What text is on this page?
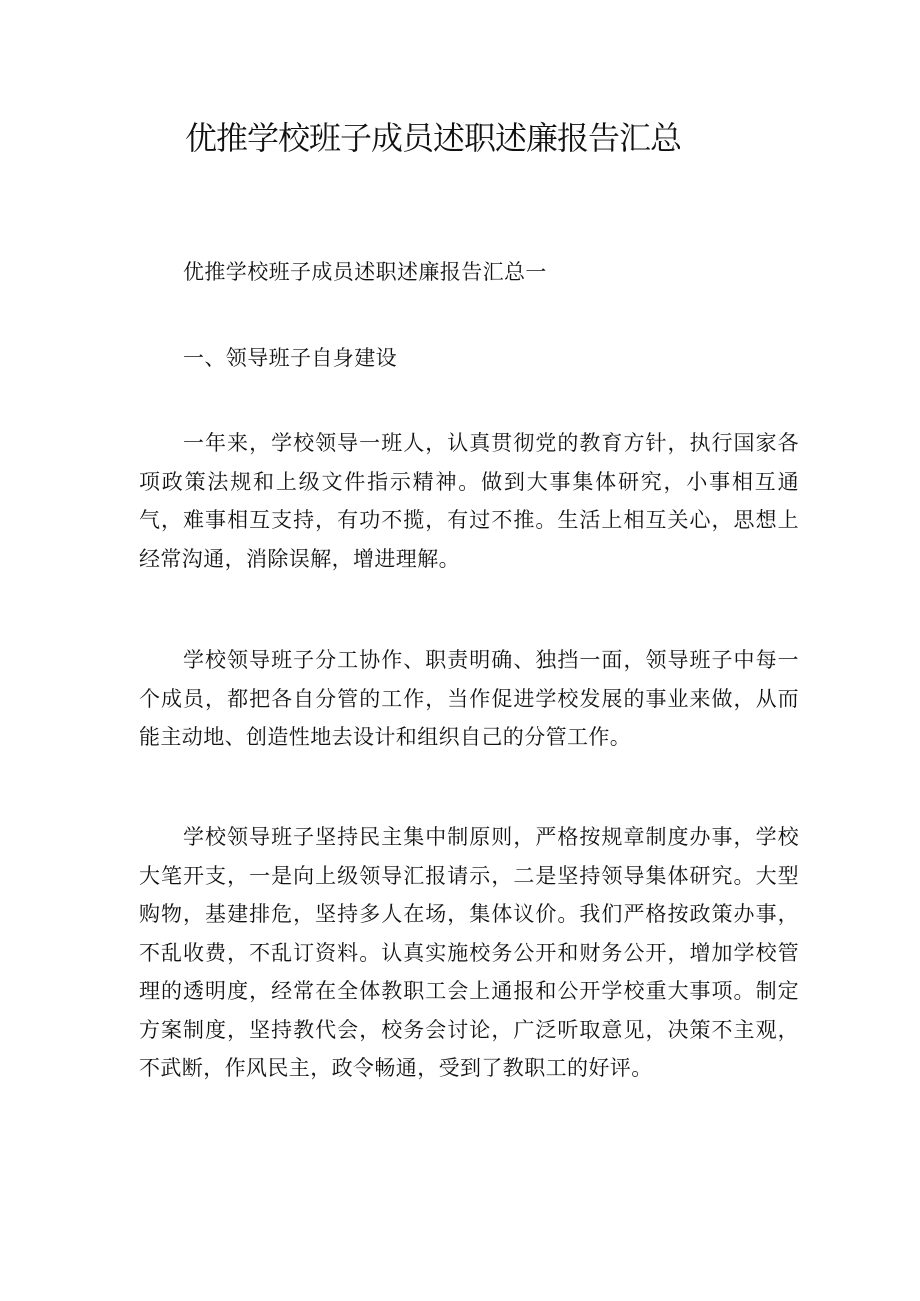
优推学校班子成员述职述廉报告汇总

优推学校班子成员述职述廉报告汇总一

一、领导班子自身建设

一年来，学校领导一班人，认真贯彻党的教育方针，执行国家各项政策法规和上级文件指示精神。做到大事集体研究，小事相互通气，难事相互支持，有功不揽，有过不推。生活上相互关心，思想上经常沟通，消除误解，增进理解。

学校领导班子分工协作、职责明确、独挡一面，领导班子中每一个成员，都把各自分管的工作，当作促进学校发展的事业来做，从而能主动地、创造性地去设计和组织自己的分管工作。

学校领导班子坚持民主集中制原则，严格按规章制度办事，学校大笔开支，一是向上级领导汇报请示，二是坚持领导集体研究。大型购物，基建排危，坚持多人在场，集体议价。我们严格按政策办事，不乱收费，不乱订资料。认真实施校务公开和财务公开，增加学校管理的透明度，经常在全体教职工会上通报和公开学校重大事项。制定方案制度，坚持教代会，校务会讨论，广泛听取意见，决策不主观，不武断，作风民主，政令畅通，受到了教职工的好评。
